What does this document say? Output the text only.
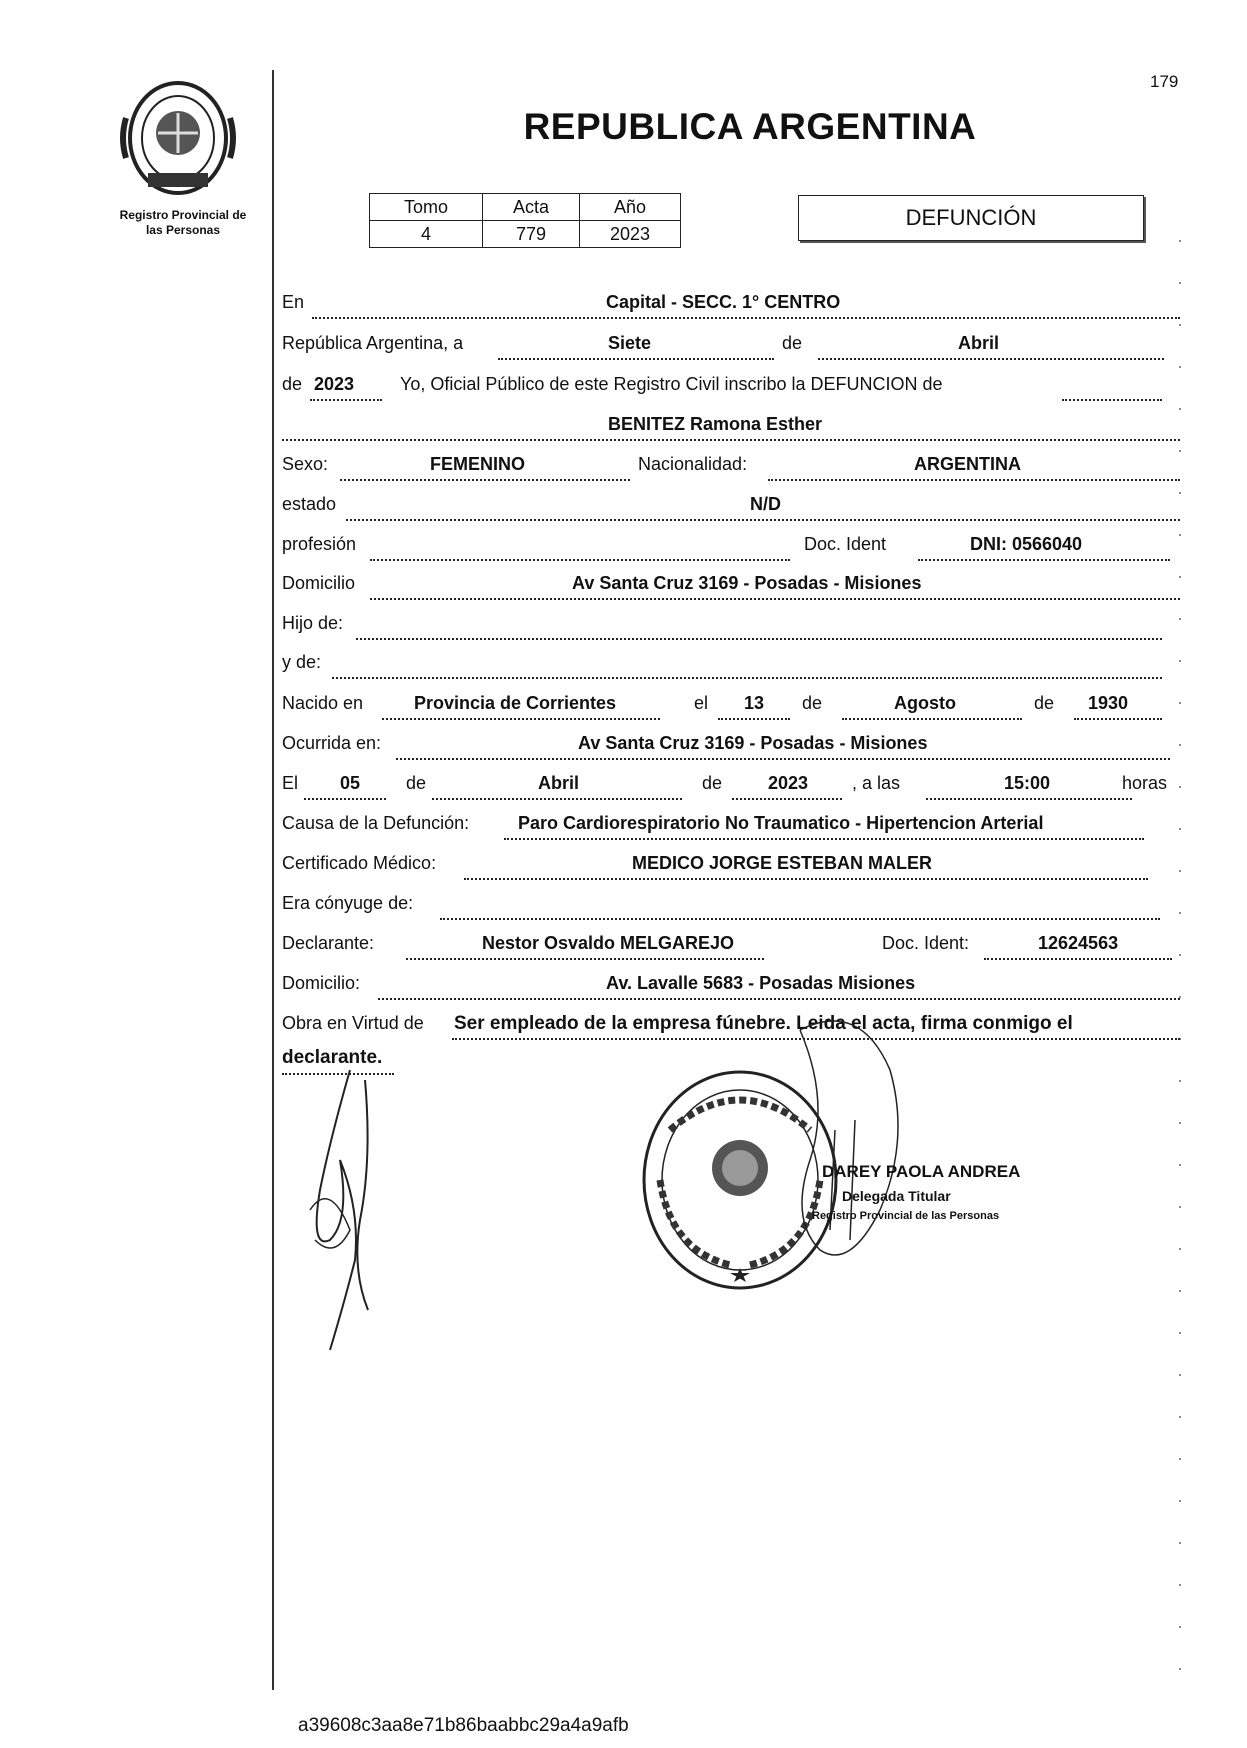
Registro Provincial de
las Personas
REPUBLICA ARGENTINA
179
Tomo	Acta	Año
4	779	2023
DEFUNCIÓN
En	Capital - SECC. 1° CENTRO
República Argentina, a	Siete	de	Abril
de 2023	Yo, Oficial Público de este Registro Civil inscribo la DEFUNCION de
BENITEZ Ramona Esther
Sexo:	FEMENINO	Nacionalidad:	ARGENTINA
estado	N/D
profesión	Doc. Ident	DNI: 0566040
Domicilio	Av Santa Cruz 3169 - Posadas - Misiones
Hijo de:
y de:
Nacido en	Provincia de Corrientes	el 13 de	Agosto	de 1930
Ocurrida en:	Av Santa Cruz 3169 - Posadas - Misiones
El 05	de	Abril	de	2023 , a las	15:00	horas
Causa de la Defunción:	Paro Cardiorespiratorio No Traumatico - Hipertencion Arterial
Certificado Médico:	MEDICO JORGE ESTEBAN MALER
Era cónyuge de:
Declarante:	Nestor Osvaldo MELGAREJO	Doc. Ident:	12624563
Domicilio:	Av. Lavalle 5683 - Posadas Misiones
Obra en Virtud de Ser empleado de la empresa fúnebre. Leida el acta, firma conmigo el
declarante.
DAREY PAOLA ANDREA
Delegada Titular
Registro Provincial de las Personas
a39608c3aa8e71b86baabbc29a4a9afb
